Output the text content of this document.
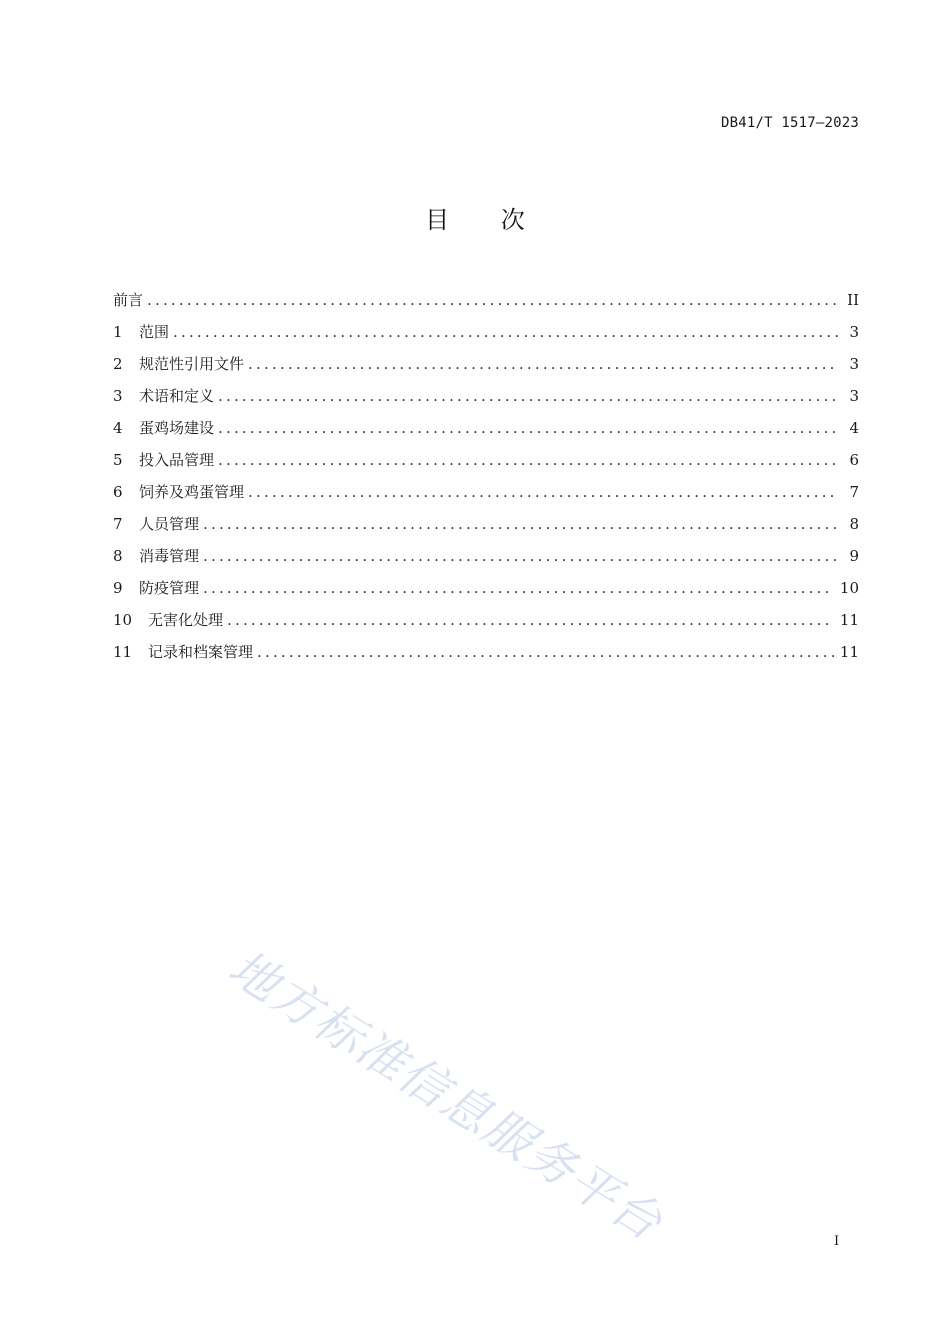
DB41/T 1517—2023
目 次
前言 .....	II
1	范围 .....	3
2	规范性引用文件 .....	3
3	术语和定义 .....	3
4	蛋鸡场建设 .....	4
5	投入品管理 .....	6
6	饲养及鸡蛋管理 .....	7
7	人员管理 .....	8
8	消毒管理 .....	9
9	防疫管理 .....	10
10	无害化处理 .....	11
11	记录和档案管理 .....	11
地方标准信息服务平台	I
